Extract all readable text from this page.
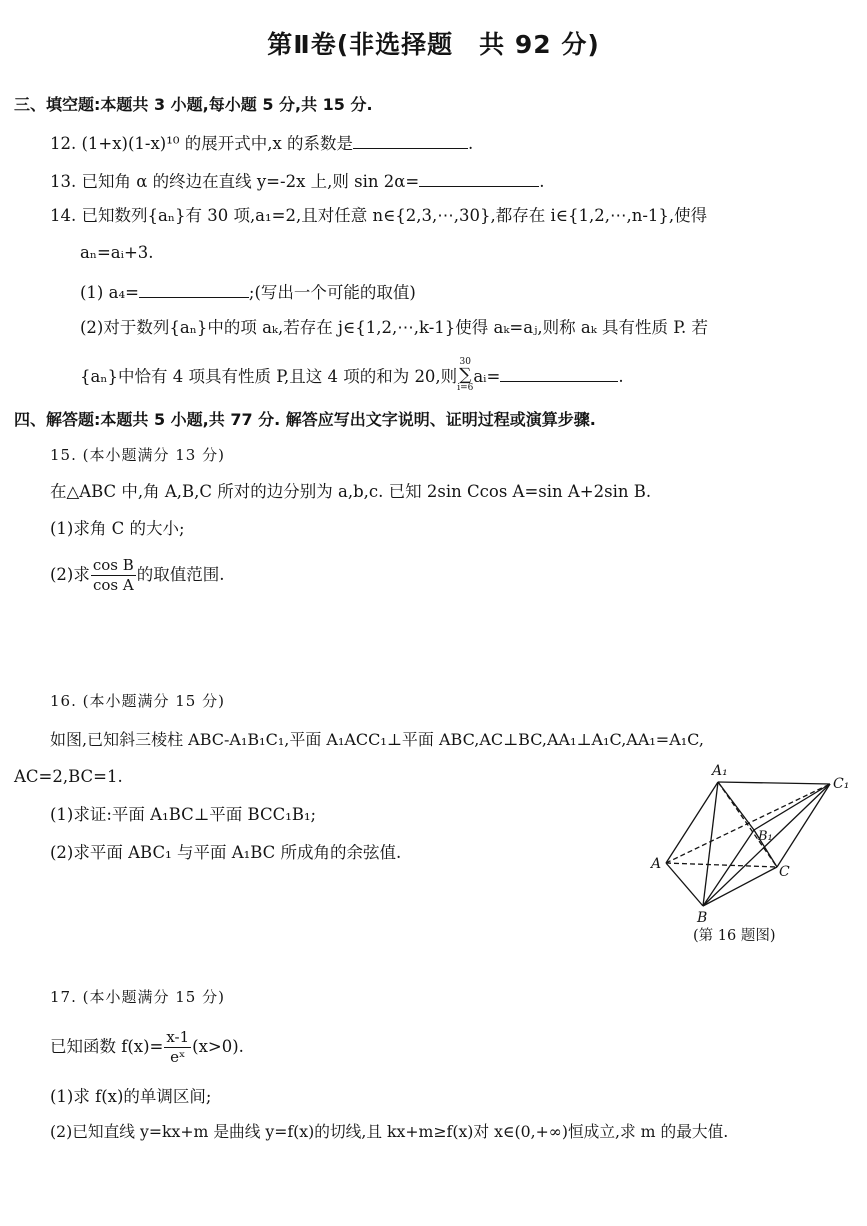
第Ⅱ卷(非选择题　共 92 分)
三、填空题:本题共 3 小题,每小题 5 分,共 15 分.
12. (1+x)(1-x)¹⁰ 的展开式中,x 的系数是	.
13. 已知角 α 的终边在直线 y=-2x 上,则 sin 2α=	.
14. 已知数列{aₙ}有 30 项,a₁=2,且对任意 n∈{2,3,⋯,30},都存在 i∈{1,2,⋯,n-1},使得
aₙ=aᵢ+3.
(1) a₄=	;(写出一个可能的取值)
(2)对于数列{aₙ}中的项 aₖ,若存在 j∈{1,2,⋯,k-1}使得 aₖ=aⱼ,则称 aₖ 具有性质 P. 若
{aₙ}中恰有 4 项具有性质 P,且这 4 项的和为 20,则
30
∑
i=6
aᵢ=	.
四、解答题:本题共 5 小题,共 77 分. 解答应写出文字说明、证明过程或演算步骤.
15. (本小题满分 13 分)
在△ABC 中,角 A,B,C 所对的边分别为 a,b,c. 已知 2sin Ccos A=sin A+2sin B.
(1)求角 C 的大小;
(2)求 $\frac{\text{cos B}}{\text{cos A}}$ 的取值范围.
16. (本小题满分 15 分)
如图,已知斜三棱柱 ABC-A₁B₁C₁,平面 A₁ACC₁⊥平面 ABC,AC⊥BC,AA₁⊥A₁C,AA₁=A₁C,
AC=2,BC=1.
(1)求证:平面 A₁BC⊥平面 BCC₁B₁;
(2)求平面 ABC₁ 与平面 A₁BC 所成角的余弦值.
A₁
C₁
B₁
A	C
B
(第 16 题图)
17. (本小题满分 15 分)
已知函数 $f(x)= \frac{x-1}{\text{eˣ}} (x>0)$.
(1)求 f(x)的单调区间;
(2)已知直线 y=kx+m 是曲线 y=f(x)的切线,且 kx+m≥f(x)对 x∈(0,+∞)恒成立,求 m 的最大值.
